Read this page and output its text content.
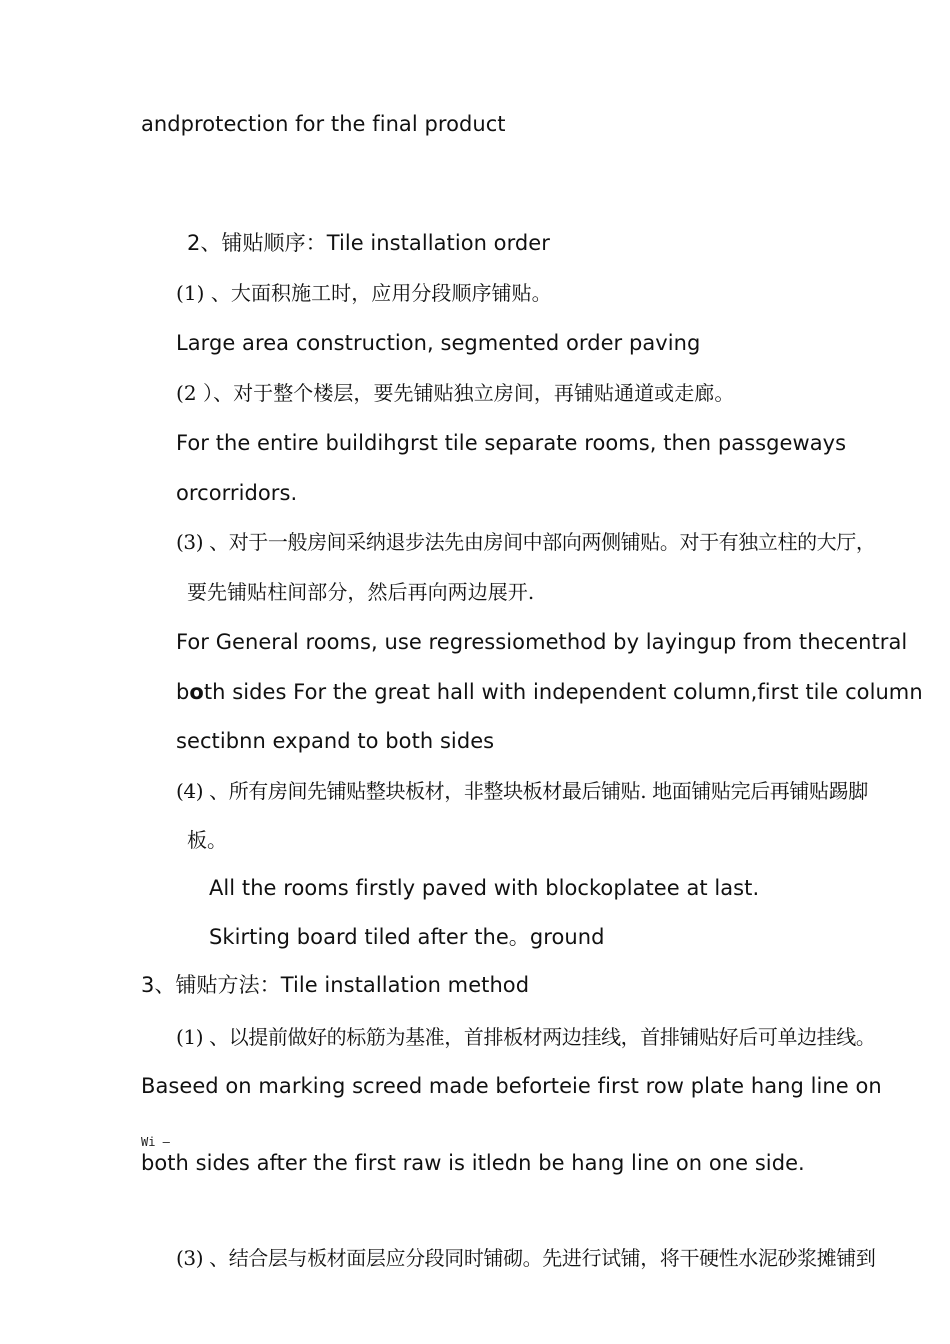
andprotection for the final product
2、铺贴顺序：Tile installation order
(1) 、大面积施工时，应用分段顺序铺贴。
Large area construction, segmented order paving
(2 ）、对于整个楼层，要先铺贴独立房间，再铺贴通道或走廊。
For the entire buildihgrst tile separate rooms, then passgeways
orcorridors.
(3) 、对于一般房间采纳退步法先由房间中部向两侧铺贴。对于有独立柱的大厅，
要先铺贴柱间部分，然后再向两边展开.
For General rooms, use regressiomethod by layingup from thecentral
both sides For the great hall with independent column,first tile column
sectibnn expand to both sides
(4) 、所有房间先铺贴整块板材，非整块板材最后铺贴. 地面铺贴完后再铺贴踢脚
板。
All the rooms firstly paved with blockoplatee at last.
Skirting board tiled after the。ground
3、铺贴方法：Tile installation method
(1) 、以提前做好的标筋为基准，首排板材两边挂线，首排铺贴好后可单边挂线。
Baseed on marking screed made beforteie first row plate hang line on
Wi —
both sides after the first raw is itledn be hang line on one side.
(3) 、结合层与板材面层应分段同时铺砌。先进行试铺，将干硬性水泥砂浆摊铺到
